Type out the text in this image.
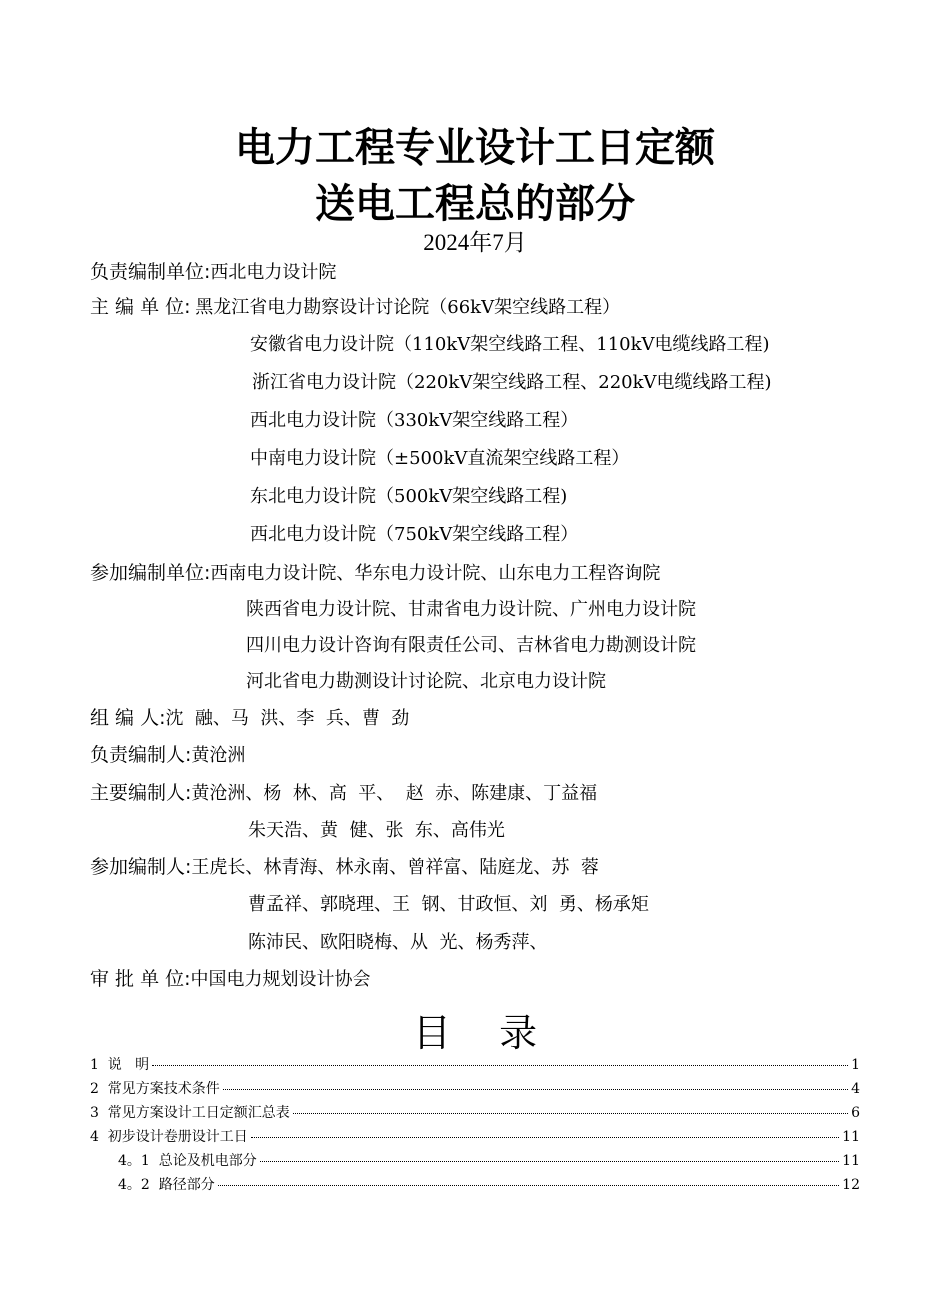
电力工程专业设计工日定额
送电工程总的部分
2024年7月
负责编制单位:西北电力设计院
主 编 单 位: 黑龙江省电力勘察设计讨论院（66kV架空线路工程）
安徽省电力设计院（110kV架空线路工程、110kV电缆线路工程)
浙江省电力设计院（220kV架空线路工程、220kV电缆线路工程)
西北电力设计院（330kV架空线路工程）
中南电力设计院（±500kV直流架空线路工程）
东北电力设计院（500kV架空线路工程)
西北电力设计院（750kV架空线路工程）
参加编制单位:西南电力设计院、华东电力设计院、山东电力工程咨询院
陕西省电力设计院、甘肃省电力设计院、广州电力设计院
四川电力设计咨询有限责任公司、吉林省电力勘测设计院
河北省电力勘测设计讨论院、北京电力设计院
组 编 人:沈  融、马  洪、李  兵、曹  劲
负责编制人:黄沧洲
主要编制人:黄沧洲、杨  林、高  平、  赵  赤、陈建康、丁益福
朱天浩、黄  健、张  东、高伟光
参加编制人:王虎长、林青海、林永南、曾祥富、陆庭龙、苏  蓉
曹孟祥、郭晓理、王  钢、甘政恒、刘  勇、杨承矩
陈沛民、欧阳晓梅、从  光、杨秀萍、
审 批 单 位:中国电力规划设计协会
目    录
1  说   明	1
2  常见方案技术条件	4
3  常见方案设计工日定额汇总表	6
4  初步设计卷册设计工日	11
4。1  总论及机电部分	11
4。2  路径部分	12
